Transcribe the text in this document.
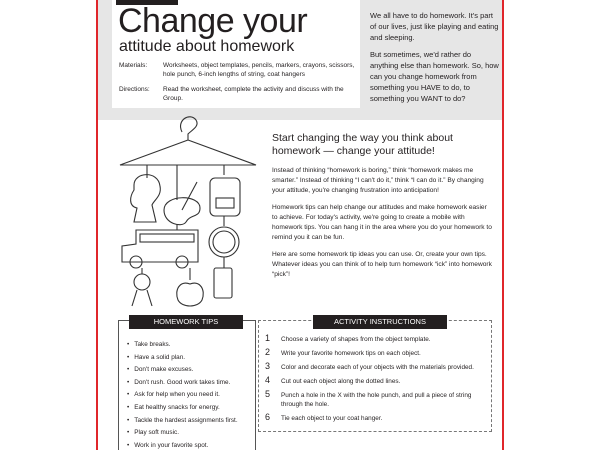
Change your
attitude about homework
Materials:	Worksheets, object templates, pencils, markers, crayons, scissors, hole punch, 6-inch lengths of string, coat hangers
Directions:	Read the worksheet, complete the activity and discuss with the Group.

We all have to do homework. It's part of our lives, just like playing and eating and sleeping.

But sometimes, we'd rather do anything else than homework. So, how can you change homework from something you HAVE to do, to something you WANT to do?

Start changing the way you think about homework — change your attitude!

Instead of thinking “homework is boring,” think “homework makes me smarter.” Instead of thinking “I can't do it,” think “I can do it.” By changing your attitude, you're changing frustration into anticipation!

Homework tips can help change our attitudes and make homework easier to achieve. For today's activity, we're going to create a mobile with homework tips. You can hang it in the area where you do your homework to remind you it can be fun.

Here are some homework tip ideas you can use. Or, create your own tips. Whatever ideas you can think of to help turn homework “ick” into homework “pick”!

HOMEWORK TIPS
• Take breaks.
• Have a solid plan.
• Don't make excuses.
• Don't rush. Good work takes time.
• Ask for help when you need it.
• Eat healthy snacks for energy.
• Tackle the hardest assignments first.
• Play soft music.
• Work in your favorite spot.
ACTIVITY INSTRUCTIONS
1 Choose a variety of shapes from the object template.
2 Write your favorite homework tips on each object.
3 Color and decorate each of your objects with the materials provided.
4 Cut out each object along the dotted lines.
5 Punch a hole in the X with the hole punch, and pull a piece of string through the hole.
6 Tie each object to your coat hanger.
